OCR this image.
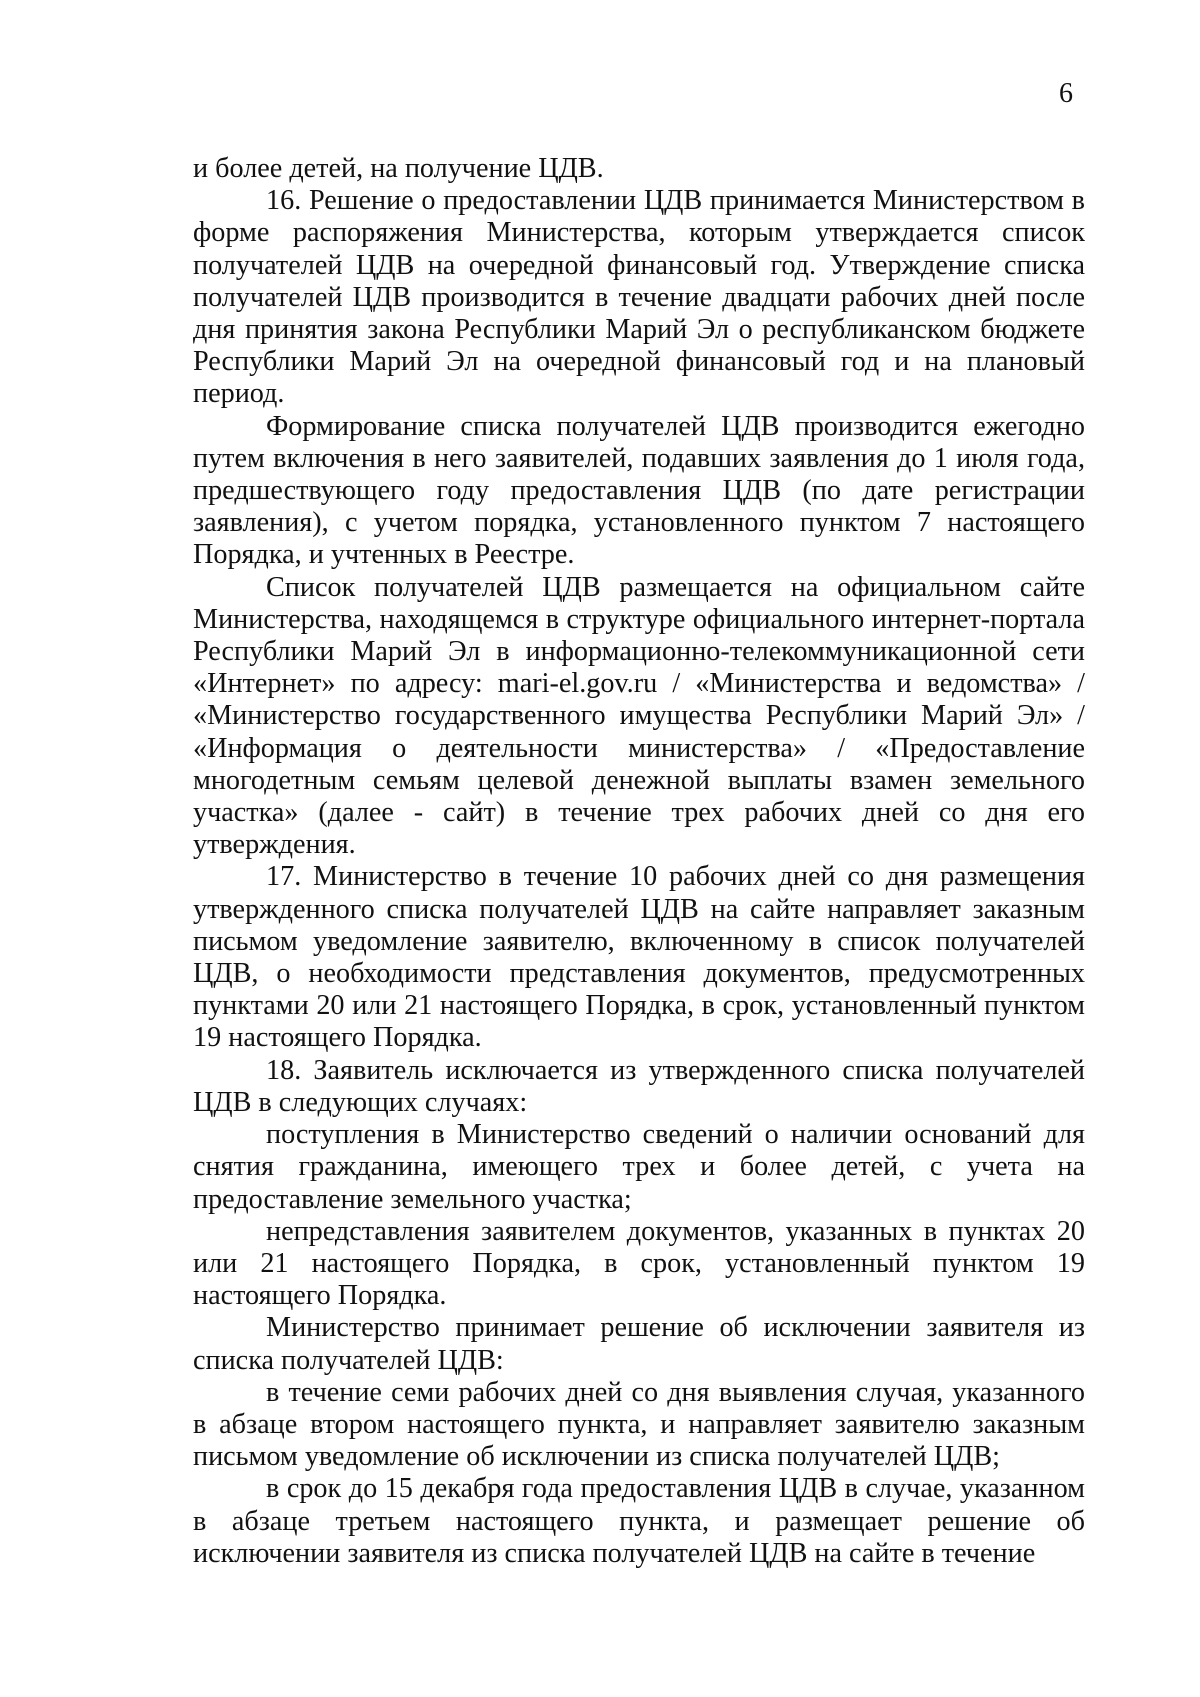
6

и более детей, на получение ЦДВ.

16. Решение о предоставлении ЦДВ принимается Министерством в форме распоряжения Министерства, которым утверждается список получателей ЦДВ на очередной финансовый год. Утверждение списка получателей ЦДВ производится в течение двадцати рабочих дней после дня принятия закона Республики Марий Эл о республиканском бюджете Республики Марий Эл на очередной финансовый год и на плановый период.

Формирование списка получателей ЦДВ производится ежегодно путем включения в него заявителей, подавших заявления до 1 июля года, предшествующего году предоставления ЦДВ (по дате регистрации заявления), с учетом порядка, установленного пунктом 7 настоящего Порядка, и учтенных в Реестре.

Список получателей ЦДВ размещается на официальном сайте Министерства, находящемся в структуре официального интернет-портала Республики Марий Эл в информационно-телекоммуникационной сети «Интернет» по адресу: mari-el.gov.ru / «Министерства и ведомства» / «Министерство государственного имущества Республики Марий Эл» / «Информация о деятельности министерства» / «Предоставление многодетным семьям целевой денежной выплаты взамен земельного участка» (далее - сайт) в течение трех рабочих дней со дня его утверждения.

17. Министерство в течение 10 рабочих дней со дня размещения утвержденного списка получателей ЦДВ на сайте направляет заказным письмом уведомление заявителю, включенному в список получателей ЦДВ, о необходимости представления документов, предусмотренных пунктами 20 или 21 настоящего Порядка, в срок, установленный пунктом 19 настоящего Порядка.

18. Заявитель исключается из утвержденного списка получателей ЦДВ в следующих случаях:

поступления в Министерство сведений о наличии оснований для снятия гражданина, имеющего трех и более детей, с учета на предоставление земельного участка;

непредставления заявителем документов, указанных в пунктах 20 или 21 настоящего Порядка, в срок, установленный пунктом 19 настоящего Порядка.

Министерство принимает решение об исключении заявителя из списка получателей ЦДВ:

в течение семи рабочих дней со дня выявления случая, указанного в абзаце втором настоящего пункта, и направляет заявителю заказным письмом уведомление об исключении из списка получателей ЦДВ;

в срок до 15 декабря года предоставления ЦДВ в случае, указанном в абзаце третьем настоящего пункта, и размещает решение об исключении заявителя из списка получателей ЦДВ на сайте в течение
